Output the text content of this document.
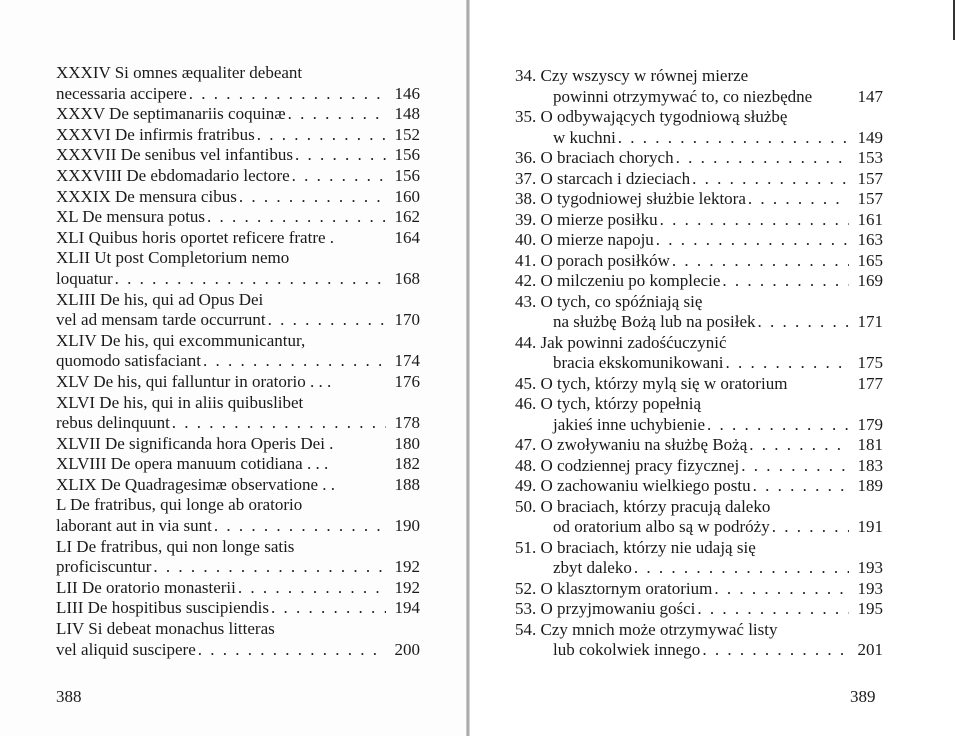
XXXIV Si omnes æqualiter debeant
necessaria accipere . . .	146
XXXV De septimanariis coquinæ . . .	148
XXXVI De infirmis fratribus . . .	152
XXXVII De senibus vel infantibus . . .	156
XXXVIII De ebdomadario lectore . . .	156
XXXIX De mensura cibus . . .	160
XL De mensura potus . . .	162
XLI Quibus horis oportet reficere fratre .	164
XLII Ut post Completorium nemo
loquatur . . .	168
XLIII De his, qui ad Opus Dei
vel ad mensam tarde occurrunt . . .	170
XLIV De his, qui excommunicantur,
quomodo satisfaciant . . .	174
XLV De his, qui falluntur in oratorio . . .	176
XLVI De his, qui in aliis quibuslibet
rebus delinquunt . . .	178
XLVII De significanda hora Operis Dei .	180
XLVIII De opera manuum cotidiana . . .	182
XLIX De Quadragesimæ observatione . .	188
L De fratribus, qui longe ab oratorio
laborant aut in via sunt . . .	190
LI De fratribus, qui non longe satis
proficiscuntur . . .	192
LII De oratorio monasterii . . .	192
LIII De hospitibus suscipiendis . . .	194
LIV Si debeat monachus litteras
vel aliquid suscipere . . .	200
34. Czy wszyscy w równej mierze
powinni otrzymywać to, co niezbędne	147
35. O odbywających tygodniową służbę
w kuchni . . .	149
36. O braciach chorych . . .	153
37. O starcach i dzieciach . . .	157
38. O tygodniowej służbie lektora . . .	157
39. O mierze posiłku . . .	161
40. O mierze napoju . . .	163
41. O porach posiłków . . .	165
42. O milczeniu po komplecie . . .	169
43. O tych, co spóźniają się
na służbę Bożą lub na posiłek . . .	171
44. Jak powinni zadośćuczynić
bracia ekskomunikowani . . .	175
45. O tych, którzy mylą się w oratorium	177
46. O tych, którzy popełnią
jakieś inne uchybienie . . .	179
47. O zwoływaniu na służbę Bożą . . .	181
48. O codziennej pracy fizycznej . . .	183
49. O zachowaniu wielkiego postu . . .	189
50. O braciach, którzy pracują daleko
od oratorium albo są w podróży . . .	191
51. O braciach, którzy nie udają się
zbyt daleko . . .	193
52. O klasztornym oratorium . . .	193
53. O przyjmowaniu gości . . .	195
54. Czy mnich może otrzymywać listy
lub cokolwiek innego . . .	201
388	389
